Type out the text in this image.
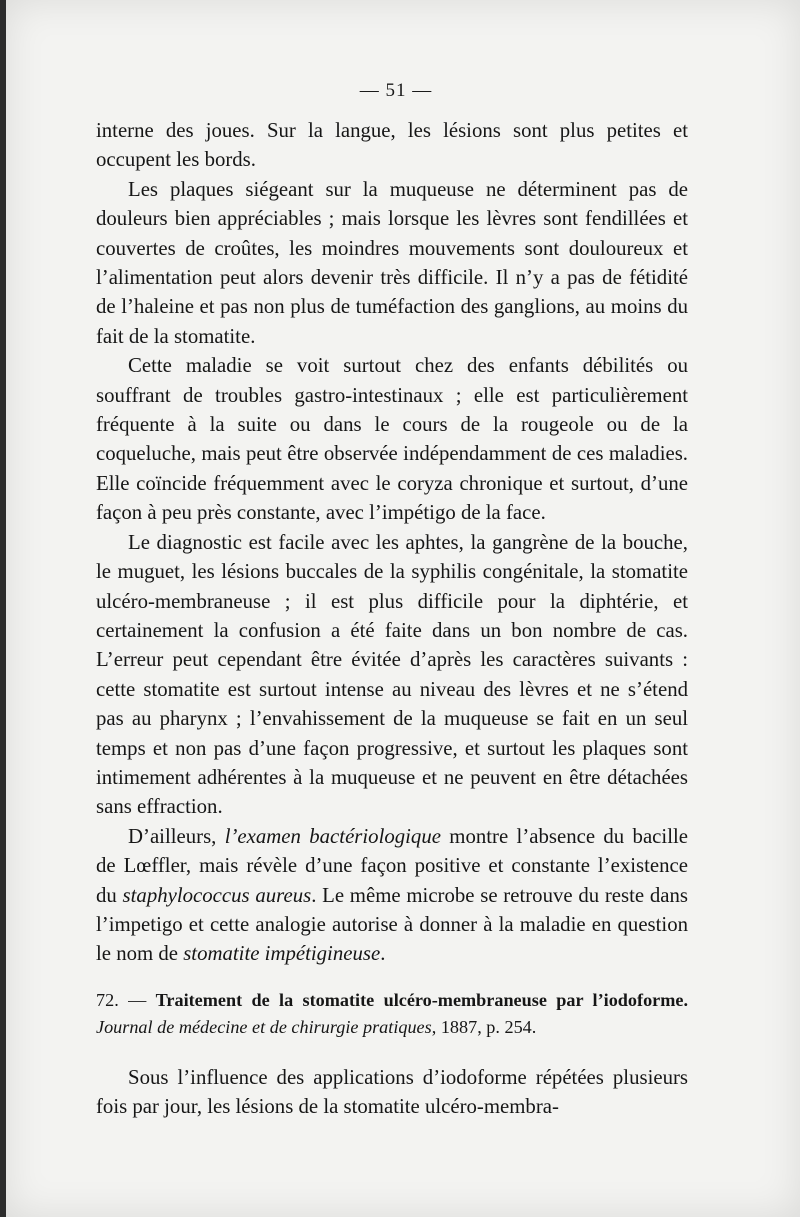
— 51 —

interne des joues. Sur la langue, les lésions sont plus petites et occupent les bords.

Les plaques siégeant sur la muqueuse ne déterminent pas de douleurs bien appréciables ; mais lorsque les lèvres sont fendillées et couvertes de croûtes, les moindres mouvements sont douloureux et l’alimentation peut alors devenir très difficile. Il n’y a pas de fétidité de l’haleine et pas non plus de tuméfaction des ganglions, au moins du fait de la stomatite.

Cette maladie se voit surtout chez des enfants débilités ou souffrant de troubles gastro-intestinaux ; elle est particulièrement fréquente à la suite ou dans le cours de la rougeole ou de la coqueluche, mais peut être observée indépendamment de ces maladies. Elle coïncide fréquemment avec le coryza chronique et surtout, d’une façon à peu près constante, avec l’impétigo de la face.

Le diagnostic est facile avec les aphtes, la gangrène de la bouche, le muguet, les lésions buccales de la syphilis congénitale, la stomatite ulcéro-membraneuse ; il est plus difficile pour la diphtérie, et certainement la confusion a été faite dans un bon nombre de cas. L’erreur peut cependant être évitée d’après les caractères suivants : cette stomatite est surtout intense au niveau des lèvres et ne s’étend pas au pharynx ; l’envahissement de la muqueuse se fait en un seul temps et non pas d’une façon progressive, et surtout les plaques sont intimement adhérentes à la muqueuse et ne peuvent en être détachées sans effraction.

D’ailleurs, l’examen bactériologique montre l’absence du bacille de Lœffler, mais révèle d’une façon positive et constante l’existence du staphylococcus aureus. Le même microbe se retrouve du reste dans l’impetigo et cette analogie autorise à donner à la maladie en question le nom de stomatite impétigineuse.

72. — Traitement de la stomatite ulcéro-membraneuse par l’iodoforme. Journal de médecine et de chirurgie pratiques, 1887, p. 254.

Sous l’influence des applications d’iodoforme répétées plusieurs fois par jour, les lésions de la stomatite ulcéro-membra-
